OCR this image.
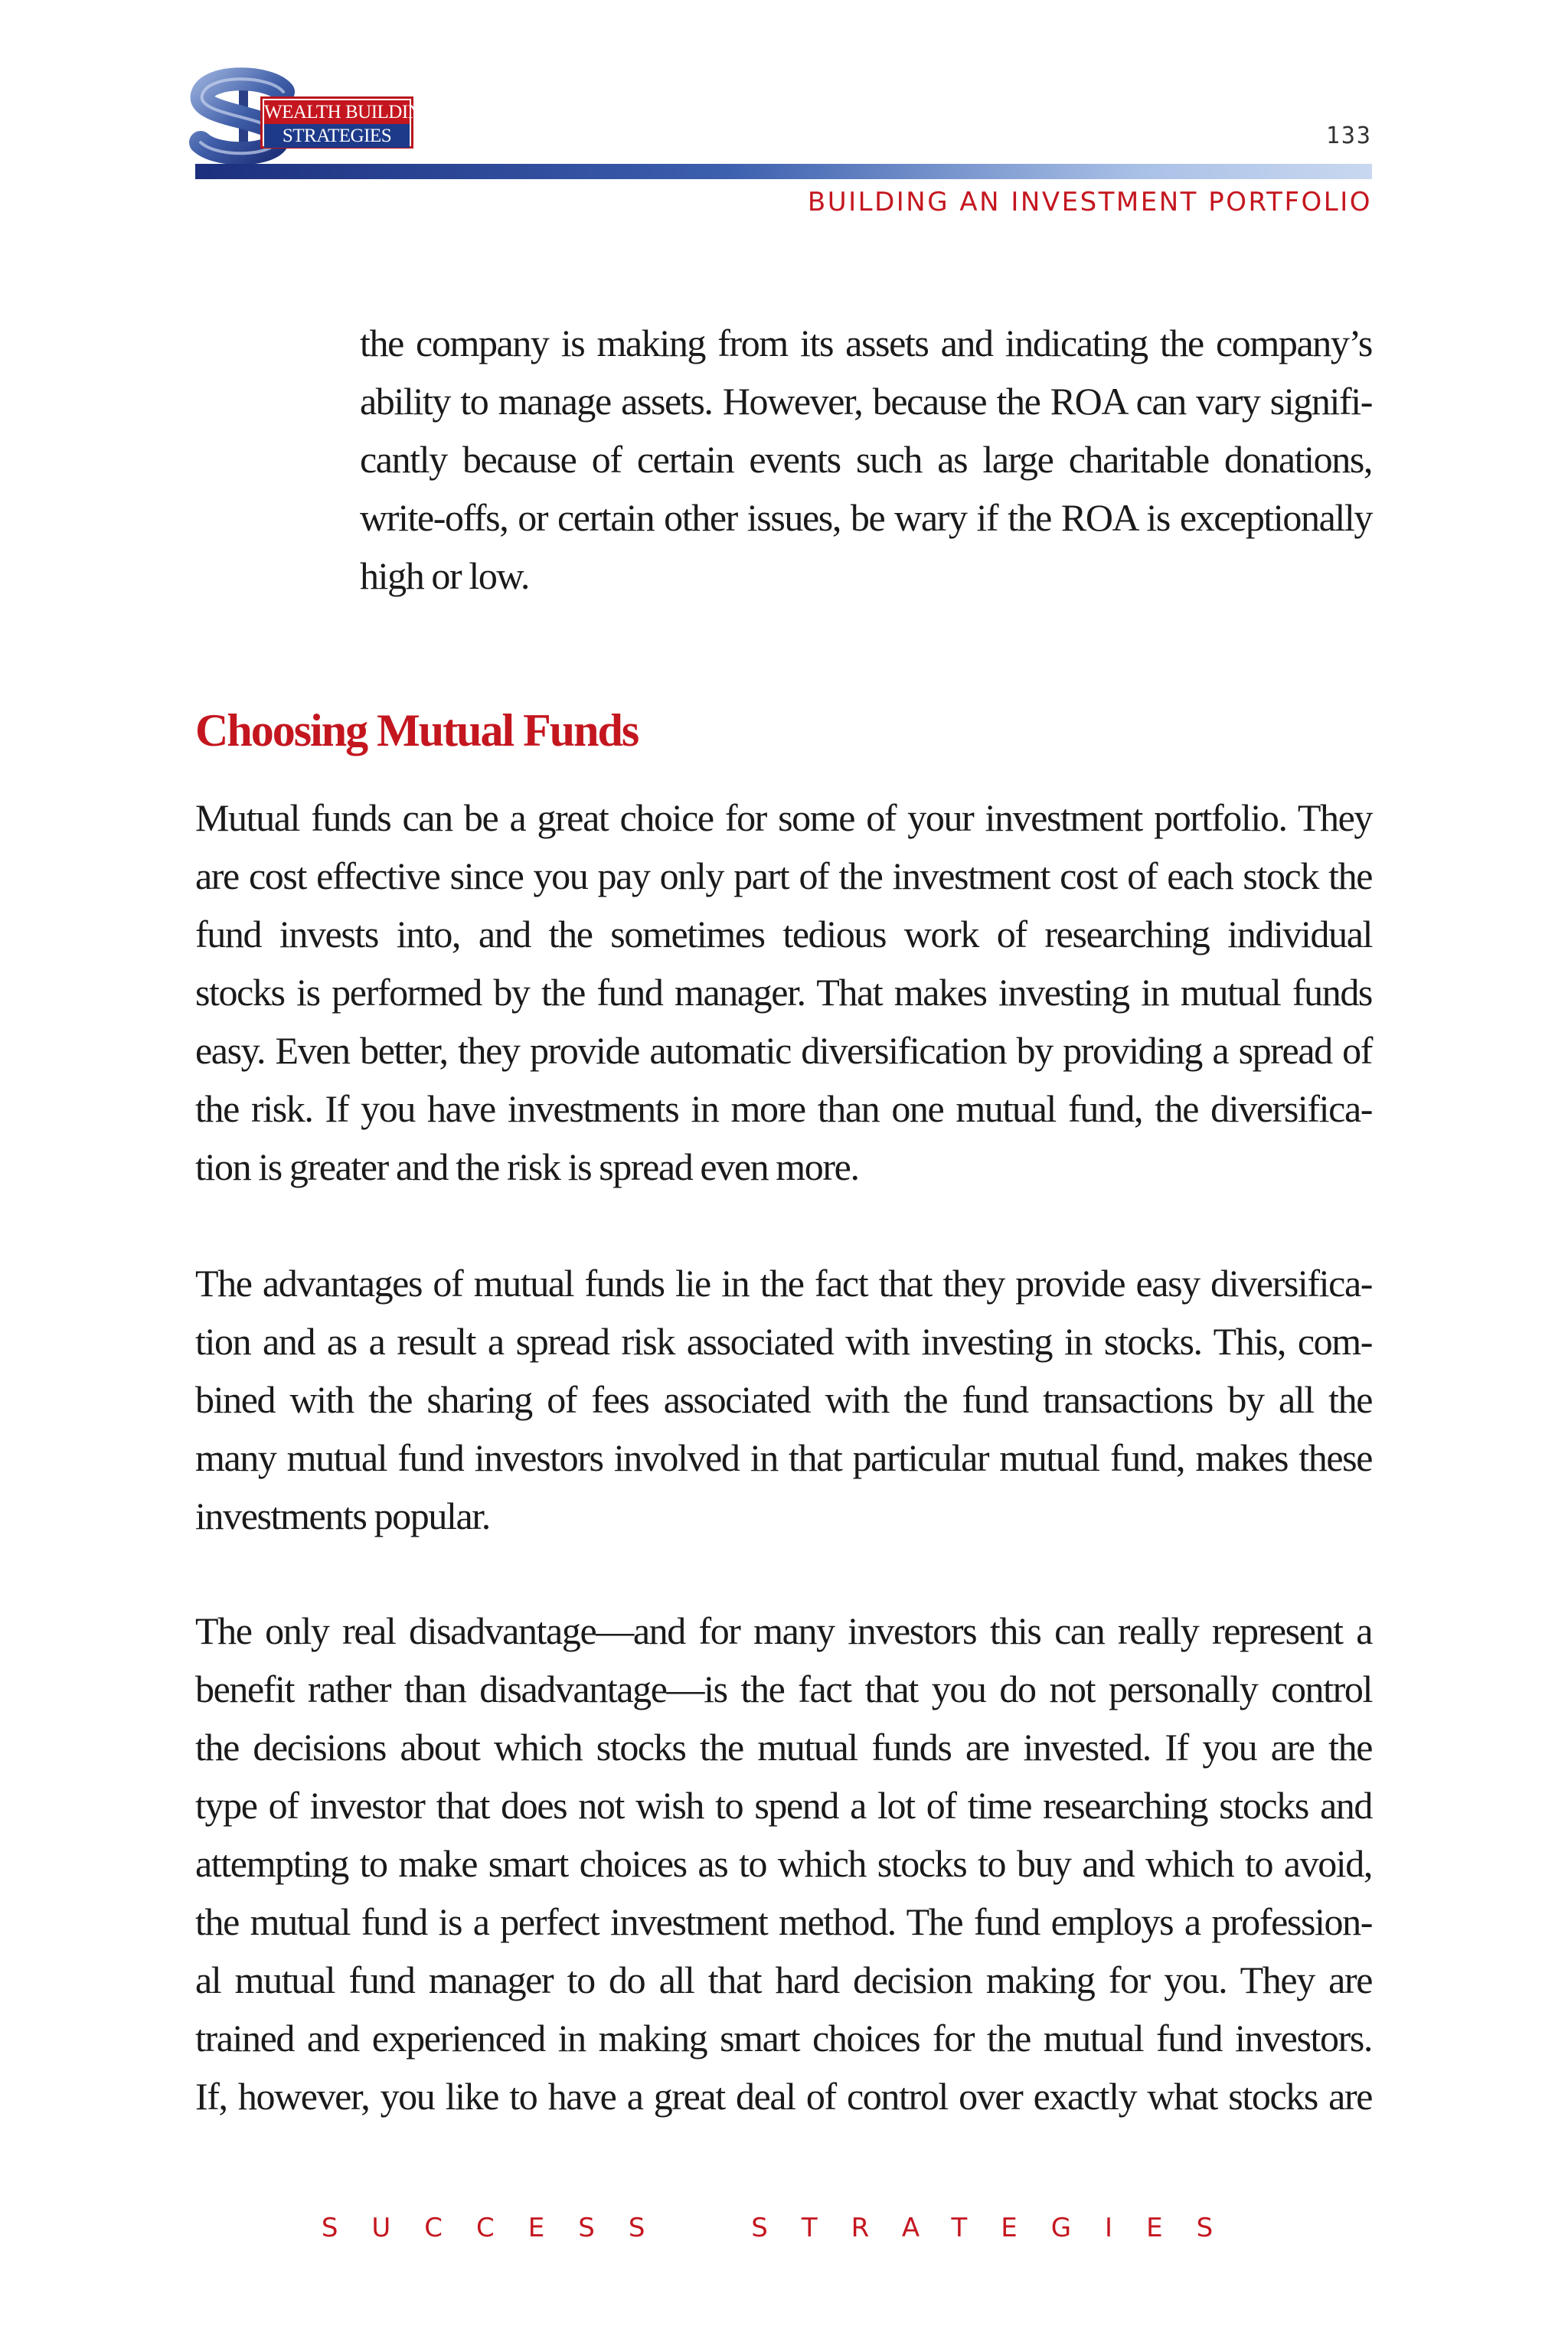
WEALTH BUILDING
STRATEGIES	133
BUILDING AN INVESTMENT PORTFOLIO
the company is making from its assets and indicating the company’s
ability to manage assets. However, because the ROA can vary signifi-
cantly because of certain events such as large charitable donations,
write-offs, or certain other issues, be wary if the ROA is exceptionally
high or low.
Choosing Mutual Funds
Mutual funds can be a great choice for some of your investment portfolio. They
are cost effective since you pay only part of the investment cost of each stock the
fund invests into, and the sometimes tedious work of researching individual
stocks is performed by the fund manager. That makes investing in mutual funds
easy. Even better, they provide automatic diversification by providing a spread of
the risk. If you have investments in more than one mutual fund, the diversifica-
tion is greater and the risk is spread even more.
The advantages of mutual funds lie in the fact that they provide easy diversifica-
tion and as a result a spread risk associated with investing in stocks. This, com-
bined with the sharing of fees associated with the fund transactions by all the
many mutual fund investors involved in that particular mutual fund, makes these
investments popular.
The only real disadvantage—and for many investors this can really represent a
benefit rather than disadvantage—is the fact that you do not personally control
the decisions about which stocks the mutual funds are invested. If you are the
type of investor that does not wish to spend a lot of time researching stocks and
attempting to make smart choices as to which stocks to buy and which to avoid,
the mutual fund is a perfect investment method. The fund employs a profession-
al mutual fund manager to do all that hard decision making for you. They are
trained and experienced in making smart choices for the mutual fund investors.
If, however, you like to have a great deal of control over exactly what stocks are
SUCCESS STRATEGIES
